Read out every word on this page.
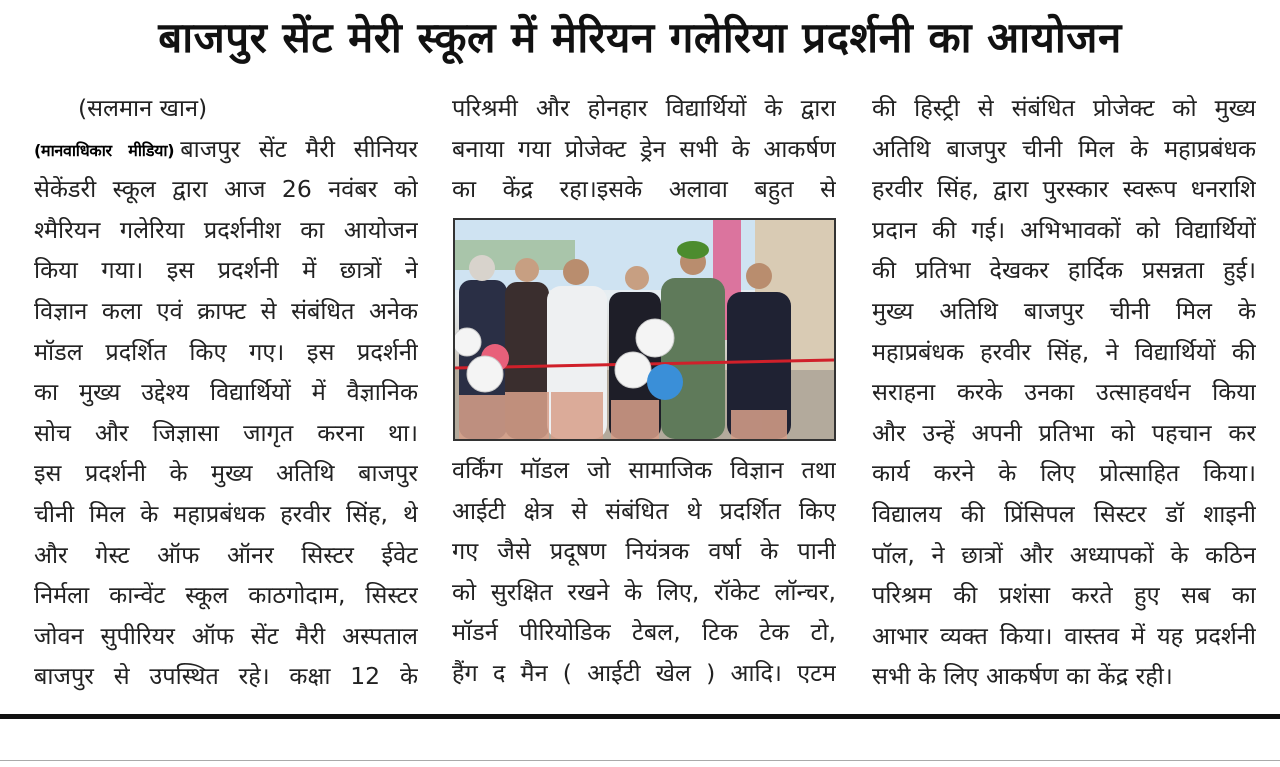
बाजपुर सेंट मेरी स्कूल में मेरियन गलेरिया प्रदर्शनी का आयोजन
(सलमान खान)
(मानवाधिकार मीडिया) बाजपुर सेंट मैरी सीनियर
सेकेंडरी स्कूल द्वारा आज 26 नवंबर को
श्मैरियन गलेरिया प्रदर्शनीश का आयोजन
किया गया। इस प्रदर्शनी में छात्रों ने
विज्ञान कला एवं क्राफ्ट से संबंधित अनेक
मॉडल प्रदर्शित किए गए। इस प्रदर्शनी
का मुख्य उद्देश्य विद्यार्थियों में वैज्ञानिक
सोच और जिज्ञासा जागृत करना था।
इस प्रदर्शनी के मुख्य अतिथि बाजपुर
चीनी मिल के महाप्रबंधक हरवीर सिंह, थे
और गेस्ट ऑफ ऑनर सिस्टर ईवेट
निर्मला कान्वेंट स्कूल काठगोदाम, सिस्टर
जोवन सुपीरियर ऑफ सेंट मैरी अस्पताल
बाजपुर से उपस्थित रहे। कक्षा 12 के
परिश्रमी और होनहार विद्यार्थियों के द्वारा
बनाया गया प्रोजेक्ट ड्रेन सभी के आकर्षण
का केंद्र रहा।इसके अलावा बहुत से
वर्किंग मॉडल जो सामाजिक विज्ञान तथा
आईटी क्षेत्र से संबंधित थे प्रदर्शित किए
गए जैसे प्रदूषण नियंत्रक वर्षा के पानी
को सुरक्षित रखने के लिए, रॉकेट लॉन्चर,
मॉडर्न पीरियोडिक टेबल, टिक टेक टो,
हैंग द मैन ( आईटी खेल ) आदि। एटम
की हिस्ट्री से संबंधित प्रोजेक्ट को मुख्य
अतिथि बाजपुर चीनी मिल के महाप्रबंधक
हरवीर सिंह, द्वारा पुरस्कार स्वरूप धनराशि
प्रदान की गई। अभिभावकों को विद्यार्थियों
की प्रतिभा देखकर हार्दिक प्रसन्नता हुई।
मुख्य अतिथि बाजपुर चीनी मिल के
महाप्रबंधक हरवीर सिंह, ने विद्यार्थियों की
सराहना करके उनका उत्साहवर्धन किया
और उन्हें अपनी प्रतिभा को पहचान कर
कार्य करने के लिए प्रोत्साहित किया।
विद्यालय की प्रिंसिपल सिस्टर डॉ शाइनी
पॉल, ने छात्रों और अध्यापकों के कठिन
परिश्रम की प्रशंसा करते हुए सब का
आभार व्यक्त किया। वास्तव में यह प्रदर्शनी
सभी के लिए आकर्षण का केंद्र रही।
